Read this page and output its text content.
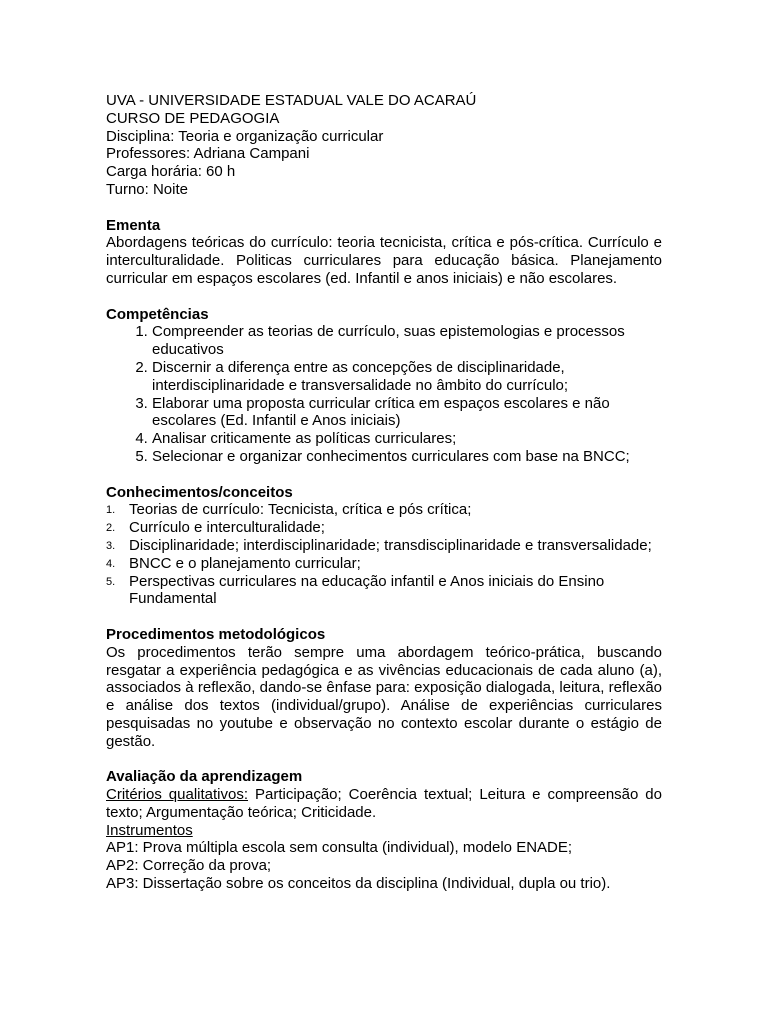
UVA - UNIVERSIDADE ESTADUAL VALE DO ACARAÚ

CURSO DE PEDAGOGIA

Disciplina: Teoria e organização curricular

Professores: Adriana Campani

Carga horária: 60 h

Turno: Noite

Ementa

Abordagens teóricas do currículo: teoria tecnicista, crítica e pós-crítica. Currículo e interculturalidade. Politicas curriculares para educação básica. Planejamento curricular em espaços escolares (ed. Infantil e anos iniciais) e não escolares.

Competências

1. Compreender as teorias de currículo, suas epistemologias e processos educativos
2. Discernir a diferença entre as concepções de disciplinaridade, interdisciplinaridade e transversalidade no âmbito do currículo;
3. Elaborar uma proposta curricular crítica em espaços escolares e não escolares (Ed. Infantil e Anos iniciais)
4. Analisar criticamente as políticas curriculares;
5. Selecionar e organizar conhecimentos curriculares com base na BNCC;

Conhecimentos/conceitos

1. Teorias de currículo: Tecnicista, crítica e pós crítica;
2. Currículo e interculturalidade;
3. Disciplinaridade; interdisciplinaridade; transdisciplinaridade e transversalidade;
4. BNCC e o planejamento curricular;
5. Perspectivas curriculares na educação infantil e Anos iniciais do Ensino Fundamental

Procedimentos metodológicos

Os procedimentos terão sempre uma abordagem teórico-prática, buscando resgatar a experiência pedagógica e as vivências educacionais de cada aluno (a), associados à reflexão, dando-se ênfase para: exposição dialogada, leitura, reflexão e análise dos textos (individual/grupo). Análise de experiências curriculares pesquisadas no youtube e observação no contexto escolar durante o estágio de gestão.

Avaliação da aprendizagem

Critérios qualitativos: Participação; Coerência textual; Leitura e compreensão do texto; Argumentação teórica; Criticidade.

Instrumentos

AP1: Prova múltipla escola sem consulta (individual), modelo ENADE;

AP2: Correção da prova;

AP3: Dissertação sobre os conceitos da disciplina (Individual, dupla ou trio).
